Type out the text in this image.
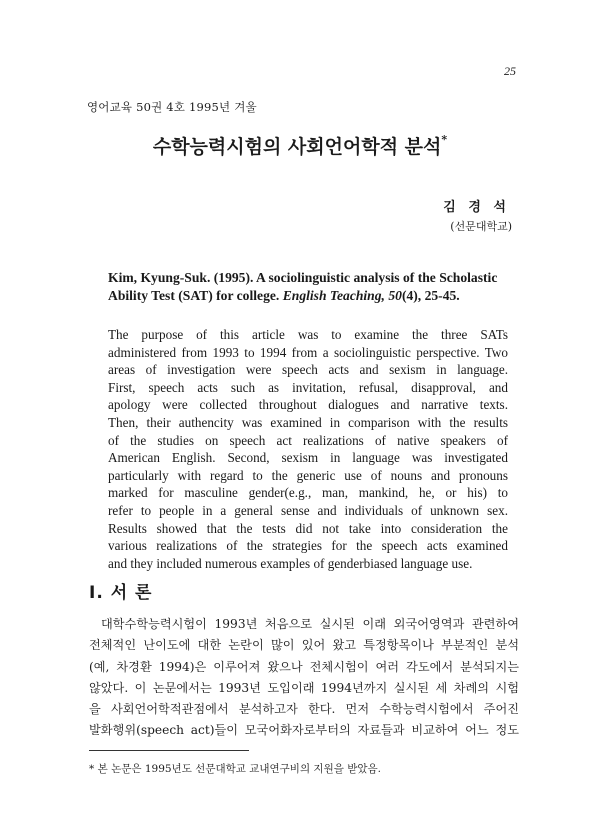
25
영어교육 50권 4호 1995년 겨울
수학능력시험의 사회언어학적 분석*
김 경 석
(선문대학교)
Kim, Kyung-Suk. (1995). A sociolinguistic analysis of the Scholastic Ability Test (SAT) for college. English Teaching, 50(4), 25-45.
The purpose of this article was to examine the three SATs
administered from 1993 to 1994 from a sociolinguistic perspective. Two
areas of investigation were speech acts and sexism in language.
First, speech acts such as invitation, refusal, disapproval, and
apology were collected throughout dialogues and narrative texts.
Then, their authencity was examined in comparison with the results
of the studies on speech act realizations of native speakers of
American English. Second, sexism in language was investigated
particularly with regard to the generic use of nouns and pronouns
marked for masculine gender(e.g., man, mankind, he, or his) to
refer to people in a general sense and individuals of unknown sex.
Results showed that the tests did not take into consideration the
various realizations of the strategies for the speech acts examined
and they included numerous examples of genderbiased language use.
I. 서 론
대학수학능력시험이 1993년 처음으로 실시된 이래 외국어영역과 관련하여
전체적인 난이도에 대한 논란이 많이 있어 왔고 특정항목이나 부분적인 분석
(예, 차경환 1994)은 이루어져 왔으나 전체시험이 여러 각도에서 분석되지는
않았다. 이 논문에서는 1993년 도입이래 1994년까지 실시된 세 차례의 시험
을 사회언어학적관점에서 분석하고자 한다. 먼저 수학능력시험에서 주어진
발화행위(speech act)들이 모국어화자로부터의 자료들과 비교하여 어느 정도
* 본 논문은 1995년도 선문대학교 교내연구비의 지원을 받았음.
